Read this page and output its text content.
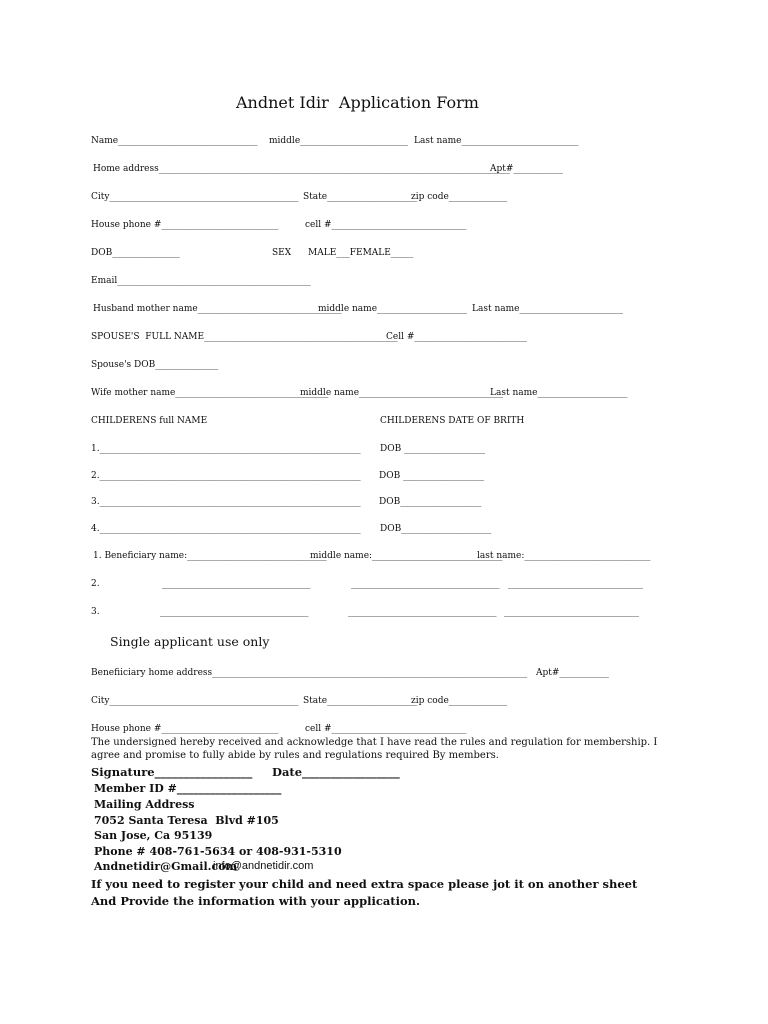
Andnet Idir  Application Form
Name_______________________________ middle________________________ Last name__________________________
Home address______________________________________________________________________________
Apt#___________
City__________________________________________ State____________________
zip code_____________
House phone #__________________________	cell #______________________________
DOB_______________	SEX MALE___FEMALE_____
Email___________________________________________
Husband mother name________________________________
middle name____________________ Last name_______________________
SPOUSE'S  FULL NAME___________________________________________
Cell #_________________________
Spouse's DOB______________
Wife mother name__________________________________
middle name________________________________
Last name____________________
CHILDERENS full NAME	CHILDERENS DATE OF BRITH
1.__________________________________________________________ DOB __________________
2.__________________________________________________________ DOB __________________
3.__________________________________________________________ DOB__________________
4.__________________________________________________________ DOB____________________
1. Beneficiary name:_______________________________
middle name:_____________________________
last name:____________________________
2.	_________________________________	_________________________________ ______________________________
3.	_________________________________	_________________________________ ______________________________
Single applicant use only
Benefiiciary home address______________________________________________________________________ Apt#___________
City__________________________________________ State____________________
zip code_____________
House phone #__________________________	cell #______________________________
The undersigned hereby received and acknowledge that I have read the rules and regulation for membership. I agree and promise to fully abide by rules and regulations required By members.
Signature_________________ Date_________________
Member ID #___________________
Mailing Address
7052 Santa Teresa  Blvd #105
San Jose, Ca 95139
Phone # 408-761-5634 or 408-931-5310
Andnetidir@Gmail.com
info@andnetidir.com
If you need to register your child and need extra space please jot it on another sheet
And Provide the information with your application.
